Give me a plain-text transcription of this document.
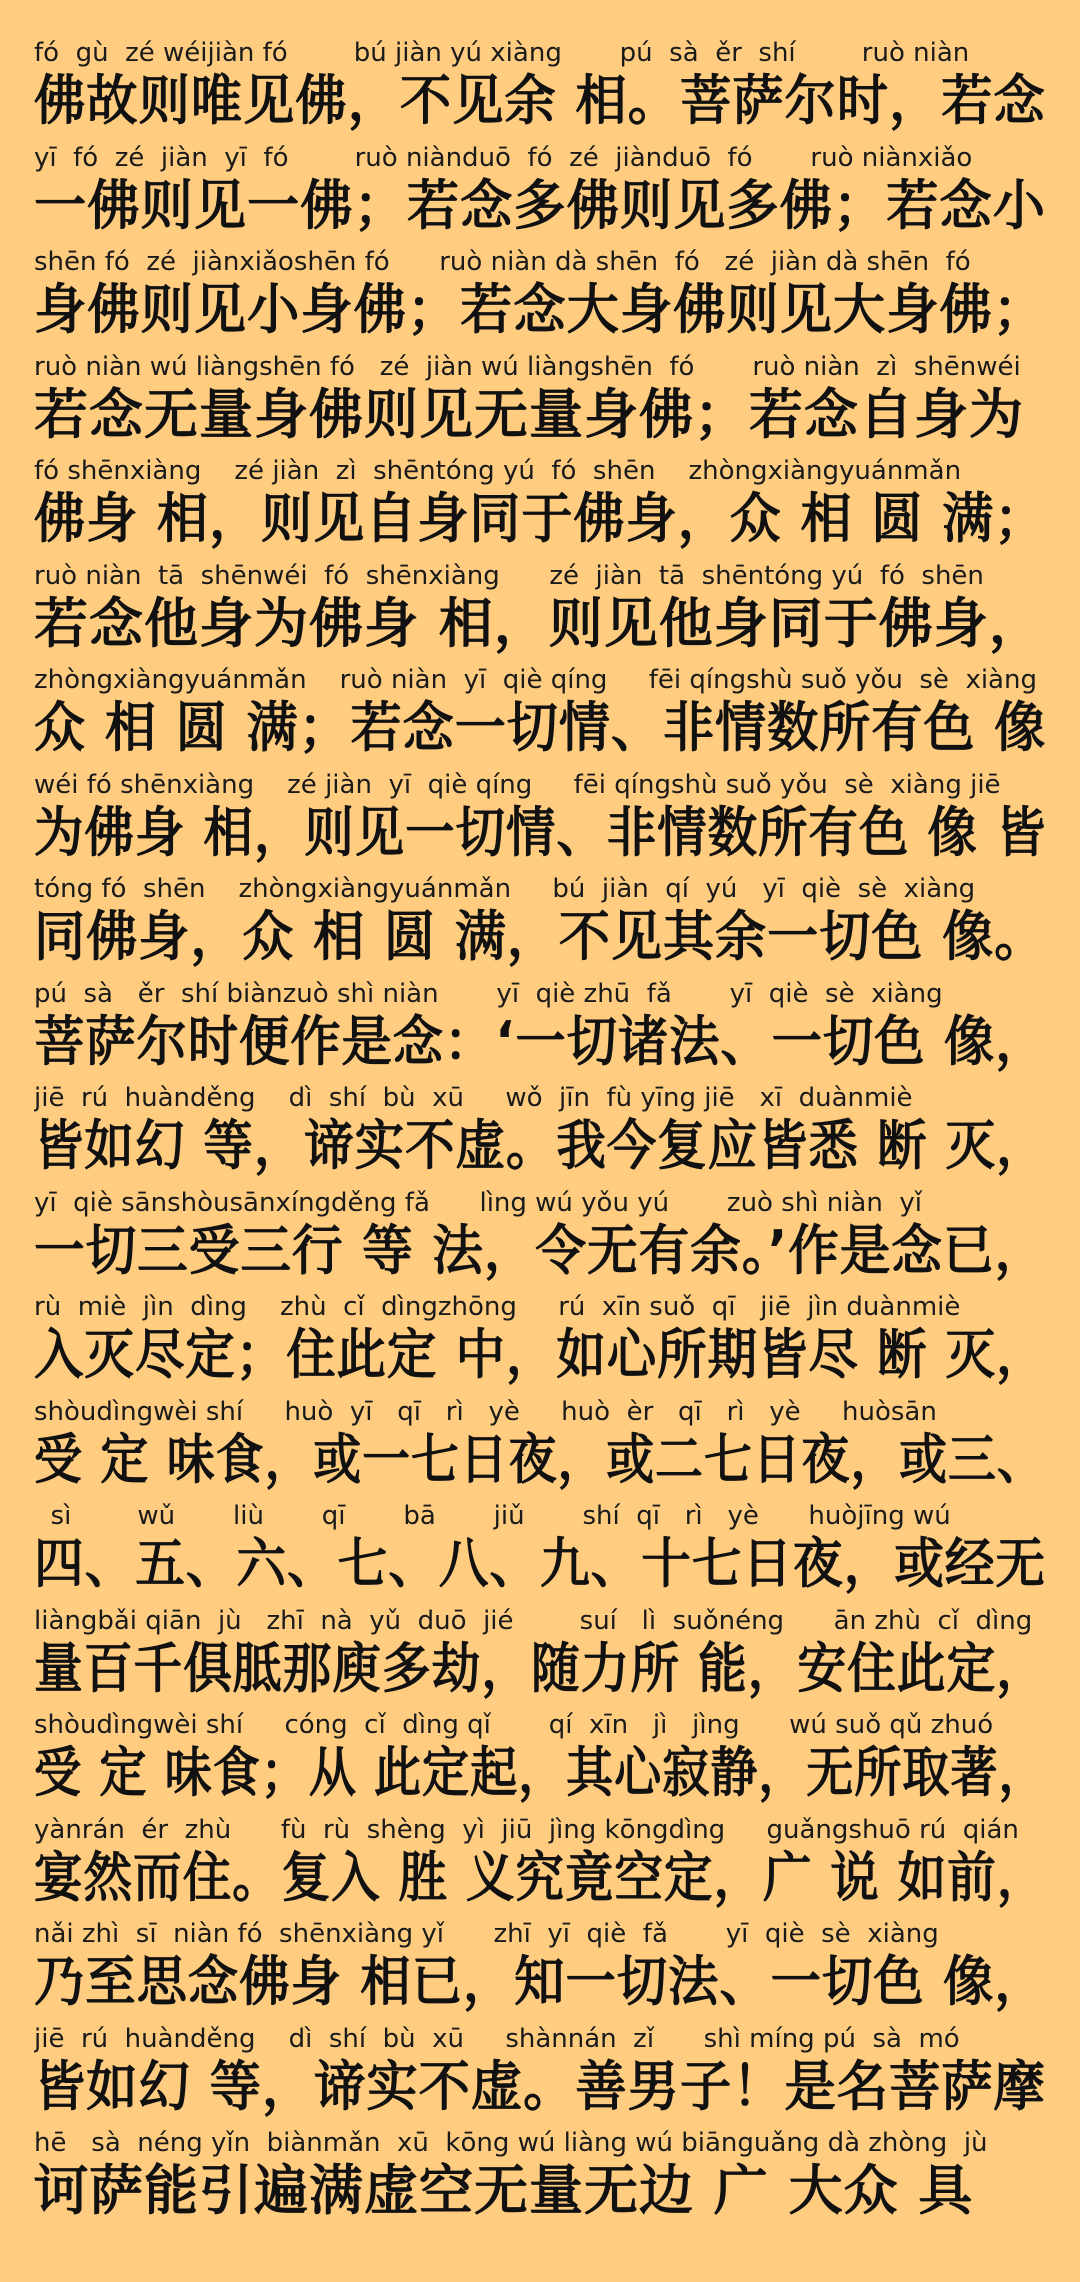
fó  gù  zé wéijiàn fó        bú jiàn yú xiàng       pú  sà  ěr  shí        ruò niàn
佛故则唯见佛，不见余 相。菩萨尔时，若念
yī  fó  zé  jiàn  yī  fó        ruò niànduō  fó  zé  jiànduō  fó       ruò niànxiǎo
一佛则见一佛；若念多佛则见多佛；若念小
shēn fó  zé  jiànxiǎoshēn fó      ruò niàn dà shēn  fó   zé  jiàn dà shēn  fó
身佛则见小身佛；若念大身佛则见大身佛；
ruò niàn wú liàngshēn fó   zé  jiàn wú liàngshēn  fó       ruò niàn  zì  shēnwéi
若念无量身佛则见无量身佛；若念自身为
fó shēnxiàng    zé jiàn  zì  shēntóng yú  fó  shēn    zhòngxiàngyuánmǎn
佛身 相，则见自身同于佛身，众 相 圆 满；
ruò niàn  tā  shēnwéi  fó  shēnxiàng      zé  jiàn  tā  shēntóng yú  fó  shēn
若念他身为佛身 相，则见他身同于佛身，
zhòngxiàngyuánmǎn    ruò niàn  yī  qiè qíng     fēi qíngshù suǒ yǒu  sè  xiàng
众 相 圆 满；若念一切情、非情数所有色 像
wéi fó shēnxiàng    zé jiàn  yī  qiè qíng     fēi qíngshù suǒ yǒu  sè  xiàng jiē
为佛身 相，则见一切情、非情数所有色 像 皆
tóng fó  shēn    zhòngxiàngyuánmǎn     bú  jiàn  qí  yú   yī  qiè  sè  xiàng
同佛身，众 相 圆 满，不见其余一切色 像。
pú  sà   ěr  shí biànzuò shì niàn       yī  qiè zhū  fǎ       yī  qiè  sè  xiàng
菩萨尔时便作是念：‘一切诸法、一切色 像，
jiē  rú  huànděng    dì  shí  bù  xū     wǒ  jīn  fù yīng jiē   xī  duànmiè
皆如幻 等，谛实不虚。我今复应皆悉 断 灭，
yī  qiè sānshòusānxíngděng fǎ      lìng wú yǒu yú       zuò shì niàn  yǐ
一切三受三行 等 法，令无有余。’作是念已，
rù  miè  jìn  dìng    zhù  cǐ  dìngzhōng     rú  xīn suǒ  qī   jiē  jìn duànmiè
入灭尽定；住此定 中，如心所期皆尽 断 灭，
shòudìngwèi shí     huò  yī   qī   rì   yè     huò  èr   qī   rì   yè     huòsān
受 定 味食，或一七日夜，或二七日夜，或三、
sì        wǔ       liù       qī       bā       jiǔ       shí  qī   rì   yè      huòjīng wú
四、五、六、七、八、九、十七日夜，或经无
liàngbǎi qiān  jù   zhī  nà  yǔ  duō  jié        suí   lì  suǒnéng      ān zhù  cǐ  dìng
量百千俱胝那庾多劫，随力所 能，安住此定，
shòudìngwèi shí     cóng  cǐ  dìng qǐ       qí  xīn   jì   jìng      wú suǒ qǔ zhuó
受 定 味食；从 此定起，其心寂静，无所取著，
yànrán  ér  zhù      fù  rù  shèng  yì  jiū  jìng kōngdìng     guǎngshuō rú  qián
宴然而住。复入 胜 义究竟空定，广 说 如前，
nǎi zhì  sī  niàn fó  shēnxiàng yǐ      zhī  yī  qiè  fǎ       yī  qiè  sè  xiàng
乃至思念佛身 相已，知一切法、一切色 像，
jiē  rú  huànděng    dì  shí  bù  xū     shànnán  zǐ      shì míng pú  sà  mó
皆如幻 等，谛实不虚。善男子！是名菩萨摩
hē   sà  néng yǐn  biànmǎn  xū  kōng wú liàng wú biānguǎng dà zhòng  jù
诃萨能引遍满虚空无量无边 广 大众 具
